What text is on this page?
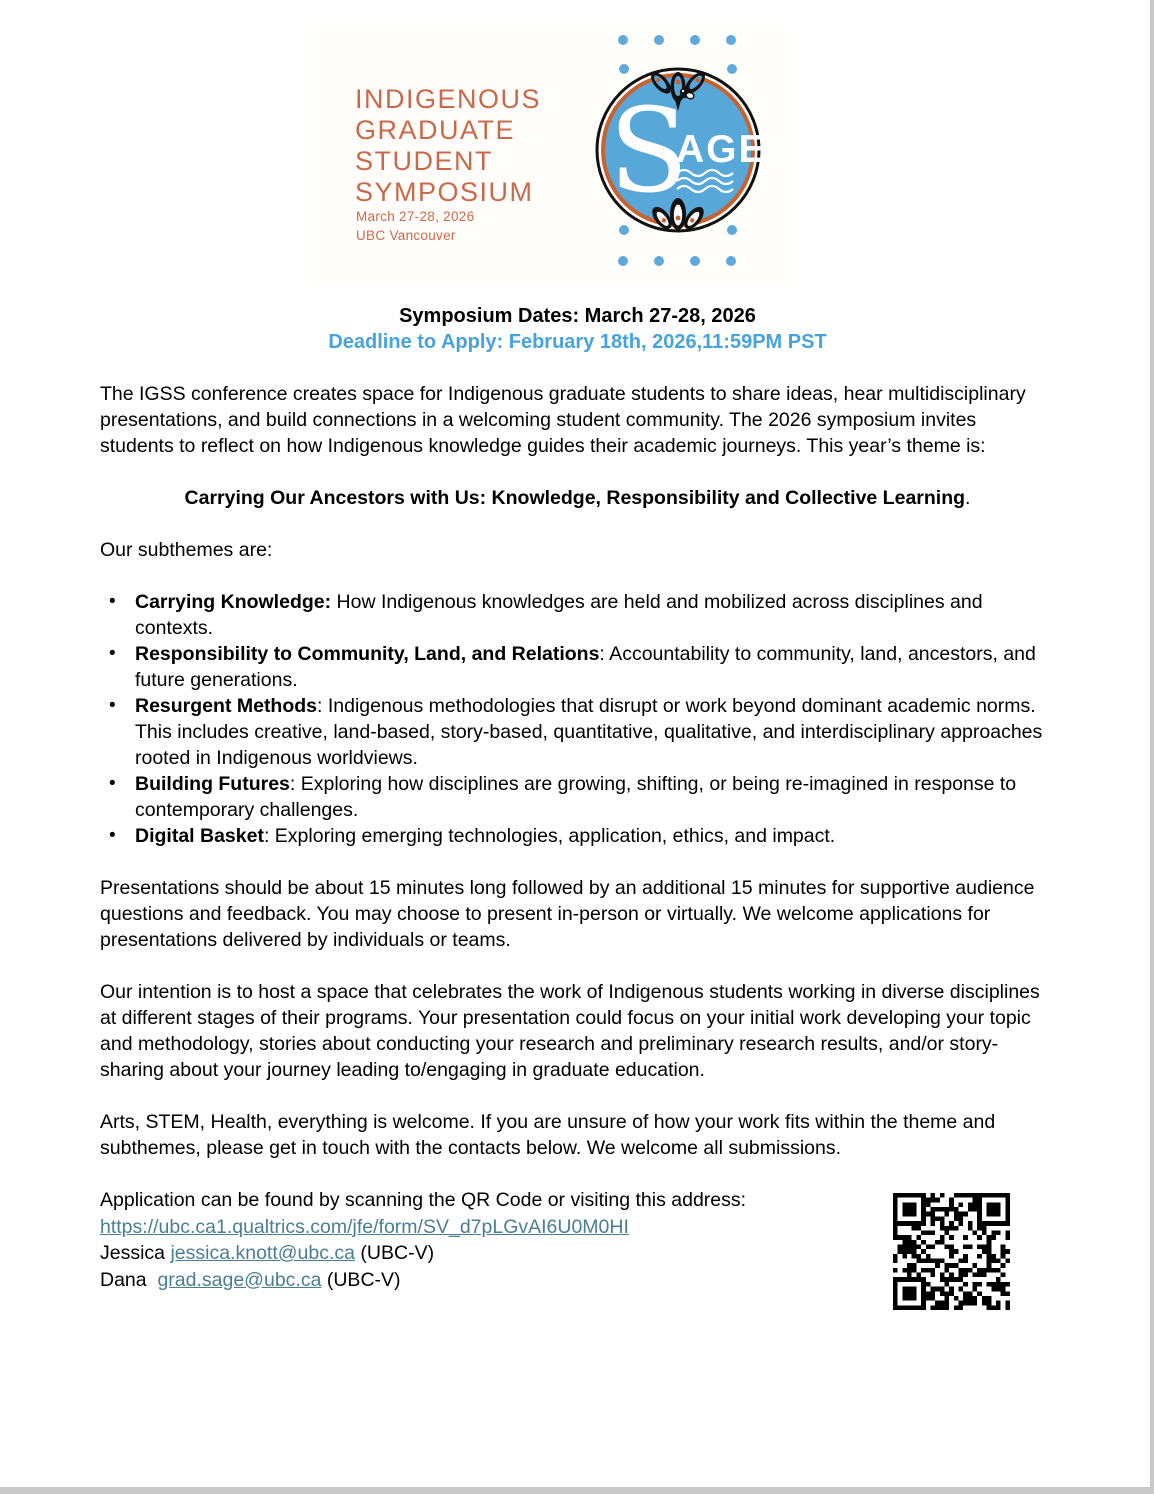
INDIGENOUS
GRADUATE
STUDENT
SYMPOSIUM
March 27-28, 2026
UBC Vancouver
S
AGE
Symposium Dates: March 27-28, 2026
Deadline to Apply: February 18th, 2026,11:59PM PST

The IGSS conference creates space for Indigenous graduate students to share ideas, hear multidisciplinary presentations, and build connections in a welcoming student community. The 2026 symposium invites students to reflect on how Indigenous knowledge guides their academic journeys. This year’s theme is:

Carrying Our Ancestors with Us: Knowledge, Responsibility and Collective Learning.

Our subthemes are:

• Carrying Knowledge: How Indigenous knowledges are held and mobilized across disciplines and contexts.
• Responsibility to Community, Land, and Relations: Accountability to community, land, ancestors, and future generations.
• Resurgent Methods: Indigenous methodologies that disrupt or work beyond dominant academic norms. This includes creative, land-based, story-based, quantitative, qualitative, and interdisciplinary approaches rooted in Indigenous worldviews.
• Building Futures: Exploring how disciplines are growing, shifting, or being re-imagined in response to contemporary challenges.
• Digital Basket: Exploring emerging technologies, application, ethics, and impact.

Presentations should be about 15 minutes long followed by an additional 15 minutes for supportive audience questions and feedback. You may choose to present in-person or virtually. We welcome applications for presentations delivered by individuals or teams.

Our intention is to host a space that celebrates the work of Indigenous students working in diverse disciplines at different stages of their programs. Your presentation could focus on your initial work developing your topic and methodology, stories about conducting your research and preliminary research results, and/or story-sharing about your journey leading to/engaging in graduate education.

Arts, STEM, Health, everything is welcome. If you are unsure of how your work fits within the theme and subthemes, please get in touch with the contacts below. We welcome all submissions.

Application can be found by scanning the QR Code or visiting this address:
https://ubc.ca1.qualtrics.com/jfe/form/SV_d7pLGvAI6U0M0HI
Jessica jessica.knott@ubc.ca (UBC-V)
Dana  grad.sage@ubc.ca (UBC-V)
